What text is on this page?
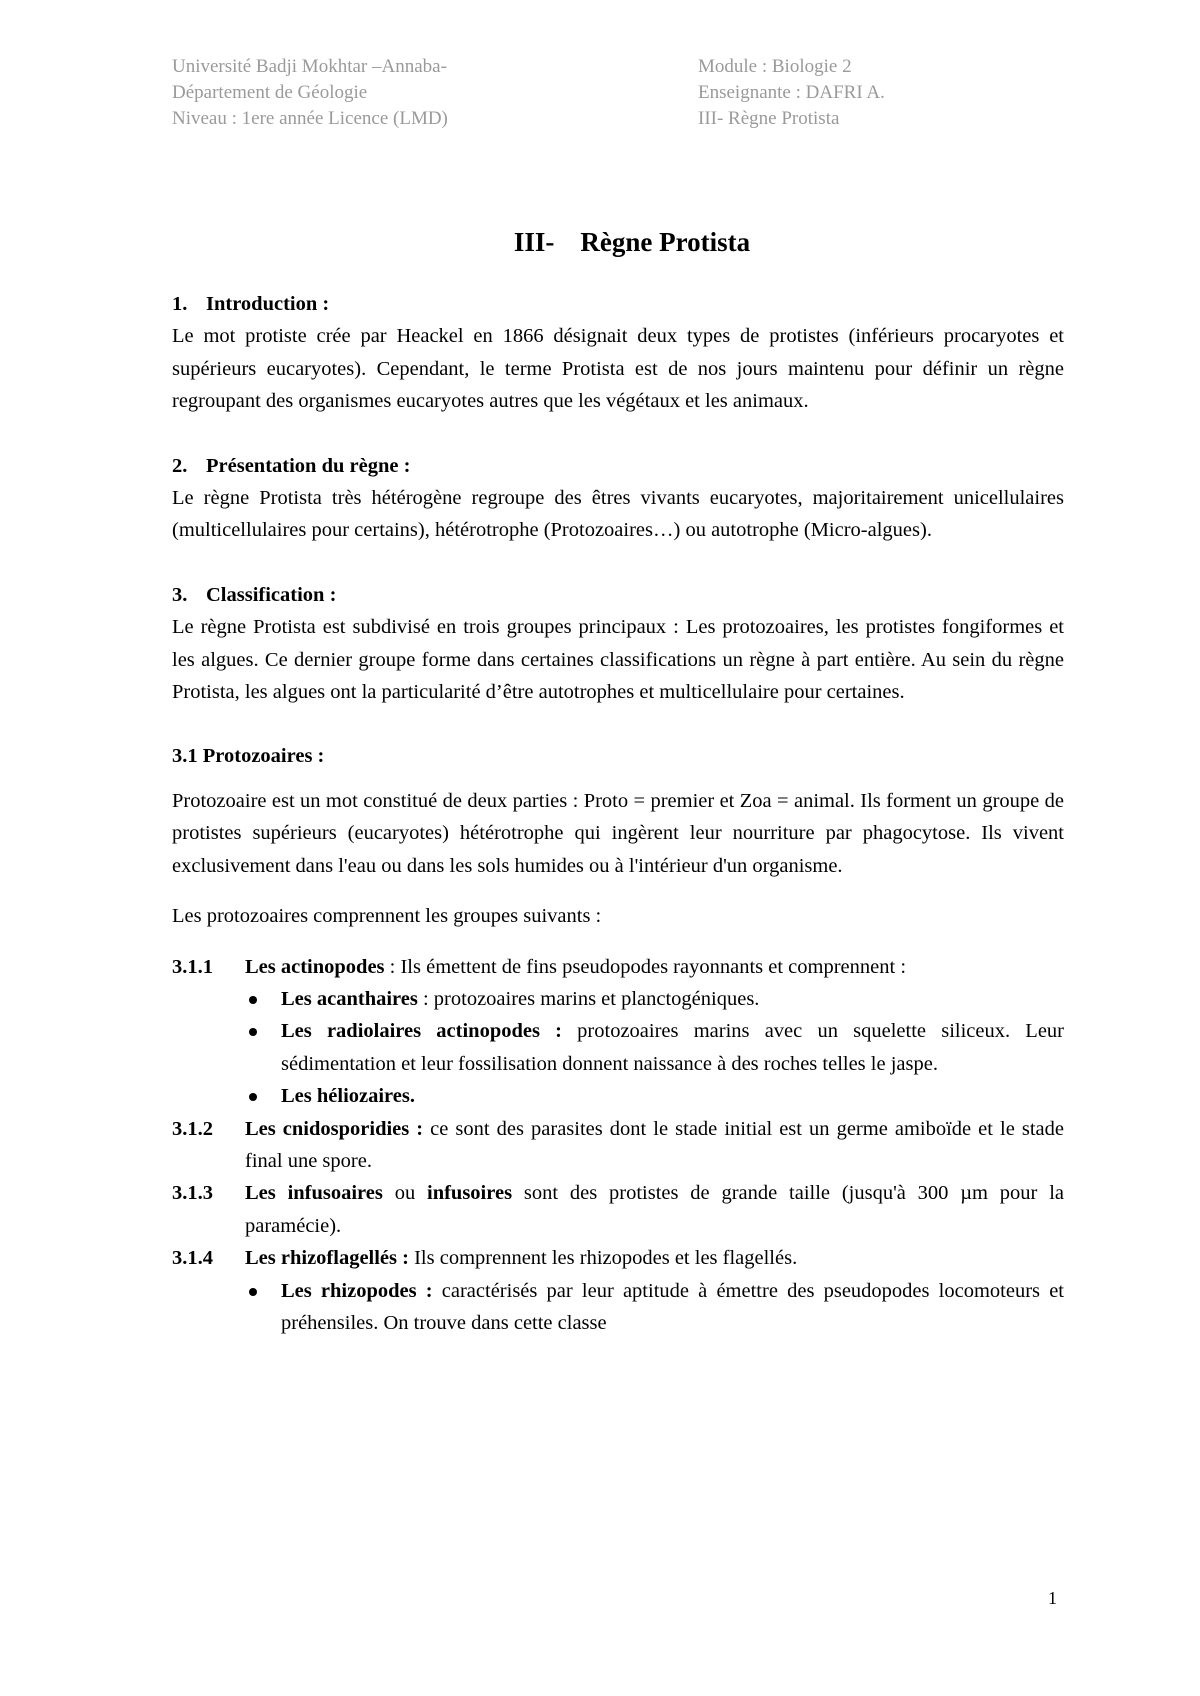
Université Badji Mokhtar –Annaba-
Département de Géologie
Niveau : 1ere année Licence (LMD)
Module : Biologie 2
Enseignante : DAFRI A.
III- Règne Protista
III- Règne Protista
1. Introduction :

Le mot protiste crée par Heackel en 1866 désignait deux types de protistes (inférieurs procaryotes et supérieurs eucaryotes). Cependant, le terme Protista est de nos jours maintenu pour définir un règne regroupant des organismes eucaryotes autres que les végétaux et les animaux.

2. Présentation du règne :

Le règne Protista très hétérogène regroupe des êtres vivants eucaryotes, majoritairement unicellulaires (multicellulaires pour certains), hétérotrophe (Protozoaires…) ou autotrophe (Micro-algues).

3. Classification :

Le règne Protista est subdivisé en trois groupes principaux : Les protozoaires, les protistes fongiformes et les algues. Ce dernier groupe forme dans certaines classifications un règne à part entière. Au sein du règne Protista, les algues ont la particularité d’être autotrophes et multicellulaire pour certaines.

3.1 Protozoaires :

Protozoaire est un mot constitué de deux parties : Proto = premier et Zoa = animal. Ils forment un groupe de protistes supérieurs (eucaryotes) hétérotrophe qui ingèrent leur nourriture par phagocytose. Ils vivent exclusivement dans l'eau ou dans les sols humides ou à l'intérieur d'un organisme.

Les protozoaires comprennent les groupes suivants :

3.1.1	Les actinopodes : Ils émettent de fins pseudopodes rayonnants et comprennent :
Les acanthaires : protozoaires marins et planctogéniques.
Les radiolaires actinopodes : protozoaires marins avec un squelette siliceux. Leur sédimentation et leur fossilisation donnent naissance à des roches telles le jaspe.
Les héliozaires.
3.1.2	Les cnidosporidies : ce sont des parasites dont le stade initial est un germe amiboïde et le stade final une spore.
3.1.3	Les infusoaires ou infusoires sont des protistes de grande taille (jusqu'à 300 µm pour la paramécie).
3.1.4	Les rhizoflagellés : Ils comprennent les rhizopodes et les flagellés.
Les rhizopodes : caractérisés par leur aptitude à émettre des pseudopodes locomoteurs et préhensiles. On trouve dans cette classe
1
